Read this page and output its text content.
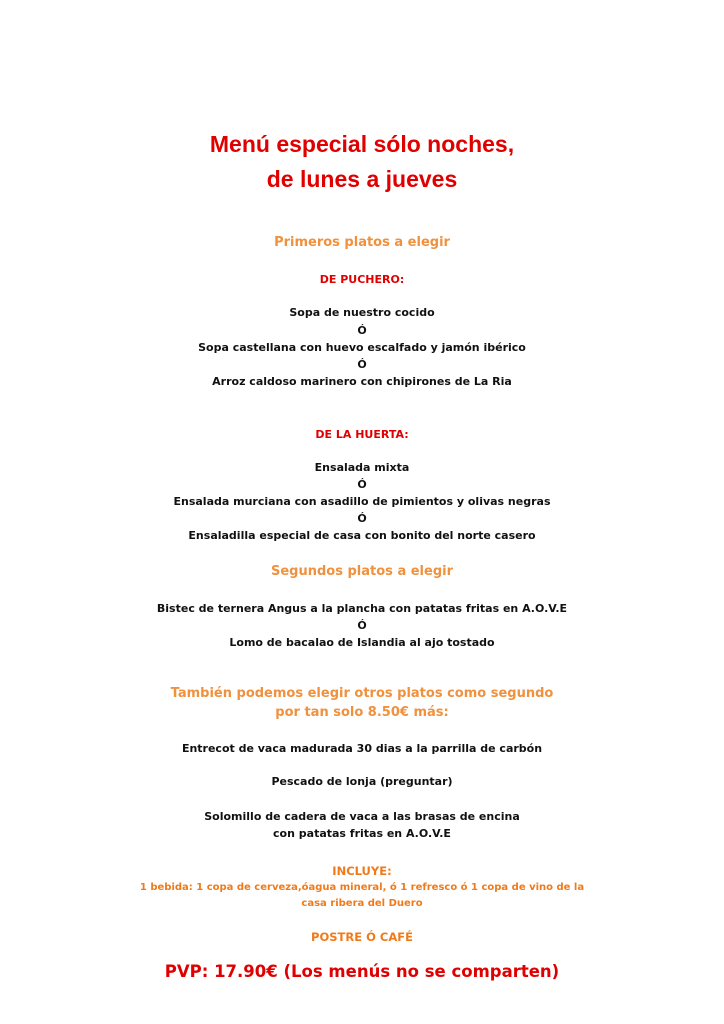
Menú especial sólo noches,
de lunes a jueves
Primeros platos a elegir
DE PUCHERO:
Sopa de nuestro cocido
Ó
Sopa castellana con huevo escalfado y jamón ibérico
Ó
Arroz caldoso marinero con chipirones de La Ria
DE LA HUERTA:
Ensalada mixta
Ó
Ensalada murciana con asadillo de pimientos y olivas negras
Ó
Ensaladilla especial de casa con bonito del norte casero
Segundos platos a elegir
Bistec de ternera Angus a la plancha con patatas fritas en A.O.V.E
Ó
Lomo de bacalao de Islandia al ajo tostado
También podemos elegir otros platos como segundo
por tan solo 8.50€ más:
Entrecot de vaca madurada 30 dias a la parrilla de carbón
Pescado de lonja (preguntar)
Solomillo de cadera de vaca a las brasas de encina
con patatas fritas en A.O.V.E
INCLUYE:
1 bebida: 1 copa de cerveza,óagua mineral, ó 1 refresco ó 1 copa de vino de la
casa ribera del Duero
POSTRE Ó CAFÉ
PVP: 17.90€ (Los menús no se comparten)
